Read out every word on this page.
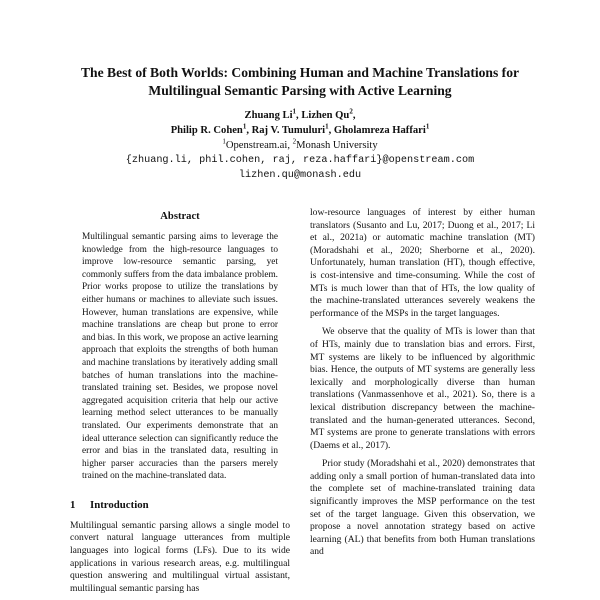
The Best of Both Worlds: Combining Human and Machine Translations for
Multilingual Semantic Parsing with Active Learning
Zhuang Li$^1$, Lizhen Qu$^2$,
Philip R. Cohen$^1$, Raj V. Tumuluri$^1$, Gholamreza Haffari$^1$
$^1$Openstream.ai, $^2$Monash University
{zhuang.li, phil.cohen, raj, reza.haffari}@openstream.com
lizhen.qu@monash.edu
Abstract
Multilingual semantic parsing aims to leverage the knowledge from the high-resource languages to improve low-resource semantic parsing, yet commonly suffers from the data imbalance problem. Prior works propose to utilize the translations by either humans or machines to alleviate such issues. However, human translations are expensive, while machine translations are cheap but prone to error and bias. In this work, we propose an active learning approach that exploits the strengths of both human and machine translations by iteratively adding small batches of human translations into the machine-translated training set. Besides, we propose novel aggregated acquisition criteria that help our active learning method select utterances to be manually translated. Our experiments demonstrate that an ideal utterance selection can significantly reduce the error and bias in the translated data, resulting in higher parser accuracies than the parsers merely trained on the machine-translated data.
1 Introduction

Multilingual semantic parsing allows a single model to convert natural language utterances from multiple languages into logical forms (LFs). Due to its wide applications in various research areas, e.g. multilingual question answering and multilingual virtual assistant, multilingual semantic parsing has

low-resource languages of interest by either human translators (Susanto and Lu, 2017; Duong et al., 2017; Li et al., 2021a) or automatic machine translation (MT) (Moradshahi et al., 2020; Sherborne et al., 2020). Unfortunately, human translation (HT), though effective, is cost-intensive and time-consuming. While the cost of MTs is much lower than that of HTs, the low quality of the machine-translated utterances severely weakens the performance of the MSPs in the target languages.

We observe that the quality of MTs is lower than that of HTs, mainly due to translation bias and errors. First, MT systems are likely to be influenced by algorithmic bias. Hence, the outputs of MT systems are generally less lexically and morphologically diverse than human translations (Vanmassenhove et al., 2021). So, there is a lexical distribution discrepancy between the machine-translated and the human-generated utterances. Second, MT systems are prone to generate translations with errors (Daems et al., 2017).

Prior study (Moradshahi et al., 2020) demonstrates that adding only a small portion of human-translated data into the complete set of machine-translated training data significantly improves the MSP performance on the test set of the target language. Given this observation, we propose a novel annotation strategy based on active learning (AL) that benefits from both Human translations and
